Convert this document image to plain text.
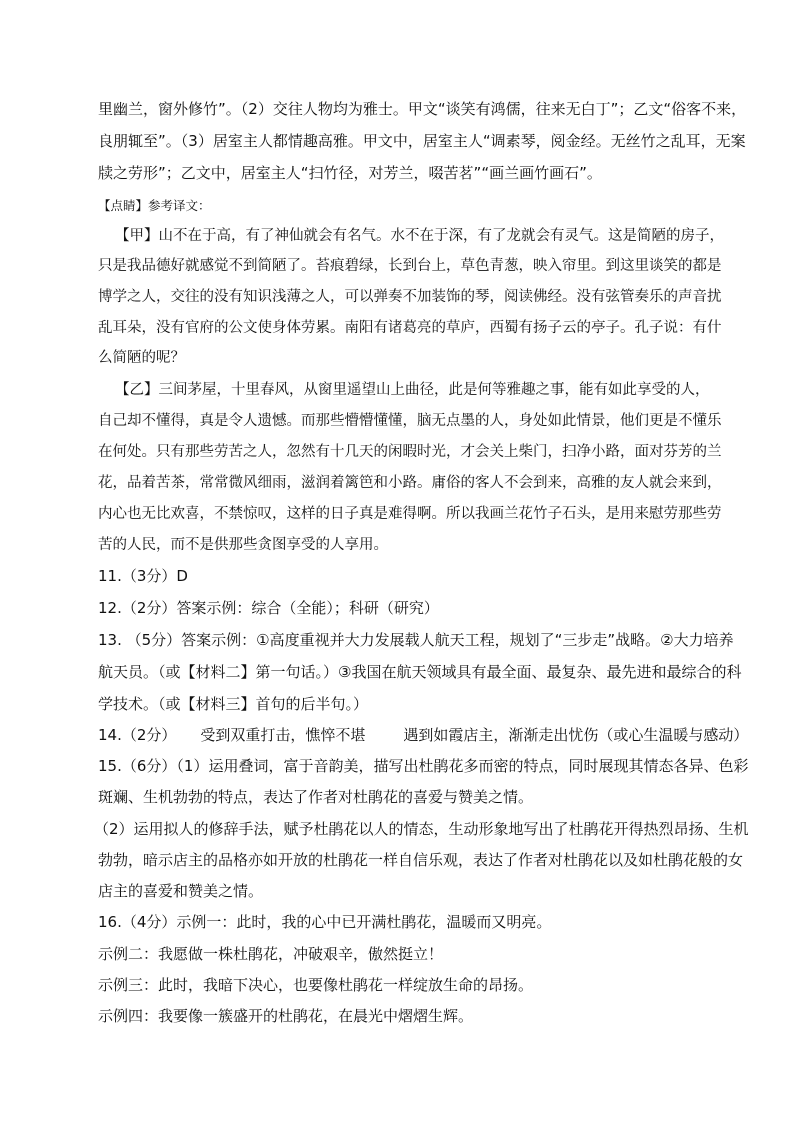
里幽兰，窗外修竹”。（2）交往人物均为雅士。甲文“谈笑有鸿儒，往来无白丁”；乙文“俗客不来，
良朋辄至”。（3）居室主人都情趣高雅。甲文中，居室主人“调素琴，阅金经。无丝竹之乱耳，无案
牍之劳形”；乙文中，居室主人“扫竹径，对芳兰，啜苦茗”“画兰画竹画石”。
【点睛】参考译文：
【甲】山不在于高，有了神仙就会有名气。水不在于深，有了龙就会有灵气。这是简陋的房子，
只是我品德好就感觉不到简陋了。苔痕碧绿，长到台上，草色青葱，映入帘里。到这里谈笑的都是
博学之人，交往的没有知识浅薄之人，可以弹奏不加装饰的琴，阅读佛经。没有弦管奏乐的声音扰
乱耳朵，没有官府的公文使身体劳累。南阳有诸葛亮的草庐，西蜀有扬子云的亭子。孔子说：有什
么简陋的呢？
【乙】三间茅屋，十里春风，从窗里遥望山上曲径，此是何等雅趣之事，能有如此享受的人，
自己却不懂得，真是令人遗憾。而那些懵懵懂懂，脑无点墨的人，身处如此情景，他们更是不懂乐
在何处。只有那些劳苦之人，忽然有十几天的闲暇时光，才会关上柴门，扫净小路，面对芬芳的兰
花，品着苦茶，常常微风细雨，滋润着篱笆和小路。庸俗的客人不会到来，高雅的友人就会来到，
内心也无比欢喜，不禁惊叹，这样的日子真是难得啊。所以我画兰花竹子石头，是用来慰劳那些劳
苦的人民，而不是供那些贪图享受的人享用。
11.（3分）D
12.（2分）答案示例：综合（全能）；科研（研究）
13. （5分）答案示例：①高度重视并大力发展载人航天工程，规划了“三步走”战略。②大力培养
航天员。（或【材料二】第一句话。）③我国在航天领域具有最全面、最复杂、最先进和最综合的科
学技术。（或【材料三】首句的后半句。）
14.（2分） 受到双重打击，憔悴不堪	遇到如霞店主，渐渐走出忧伤（或心生温暖与感动）
15.（6分）（1）运用叠词，富于音韵美，描写出杜鹃花多而密的特点，同时展现其情态各异、色彩
斑斓、生机勃勃的特点，表达了作者对杜鹃花的喜爱与赞美之情。
（2）运用拟人的修辞手法，赋予杜鹃花以人的情态，生动形象地写出了杜鹃花开得热烈昂扬、生机
勃勃，暗示店主的品格亦如开放的杜鹃花一样自信乐观，表达了作者对杜鹃花以及如杜鹃花般的女
店主的喜爱和赞美之情。
16.（4分）示例一：此时，我的心中已开满杜鹃花，温暖而又明亮。
示例二：我愿做一株杜鹃花，冲破艰辛，傲然挺立！
示例三：此时，我暗下决心，也要像杜鹃花一样绽放生命的昂扬。
示例四：我要像一簇盛开的杜鹃花，在晨光中熠熠生辉。
